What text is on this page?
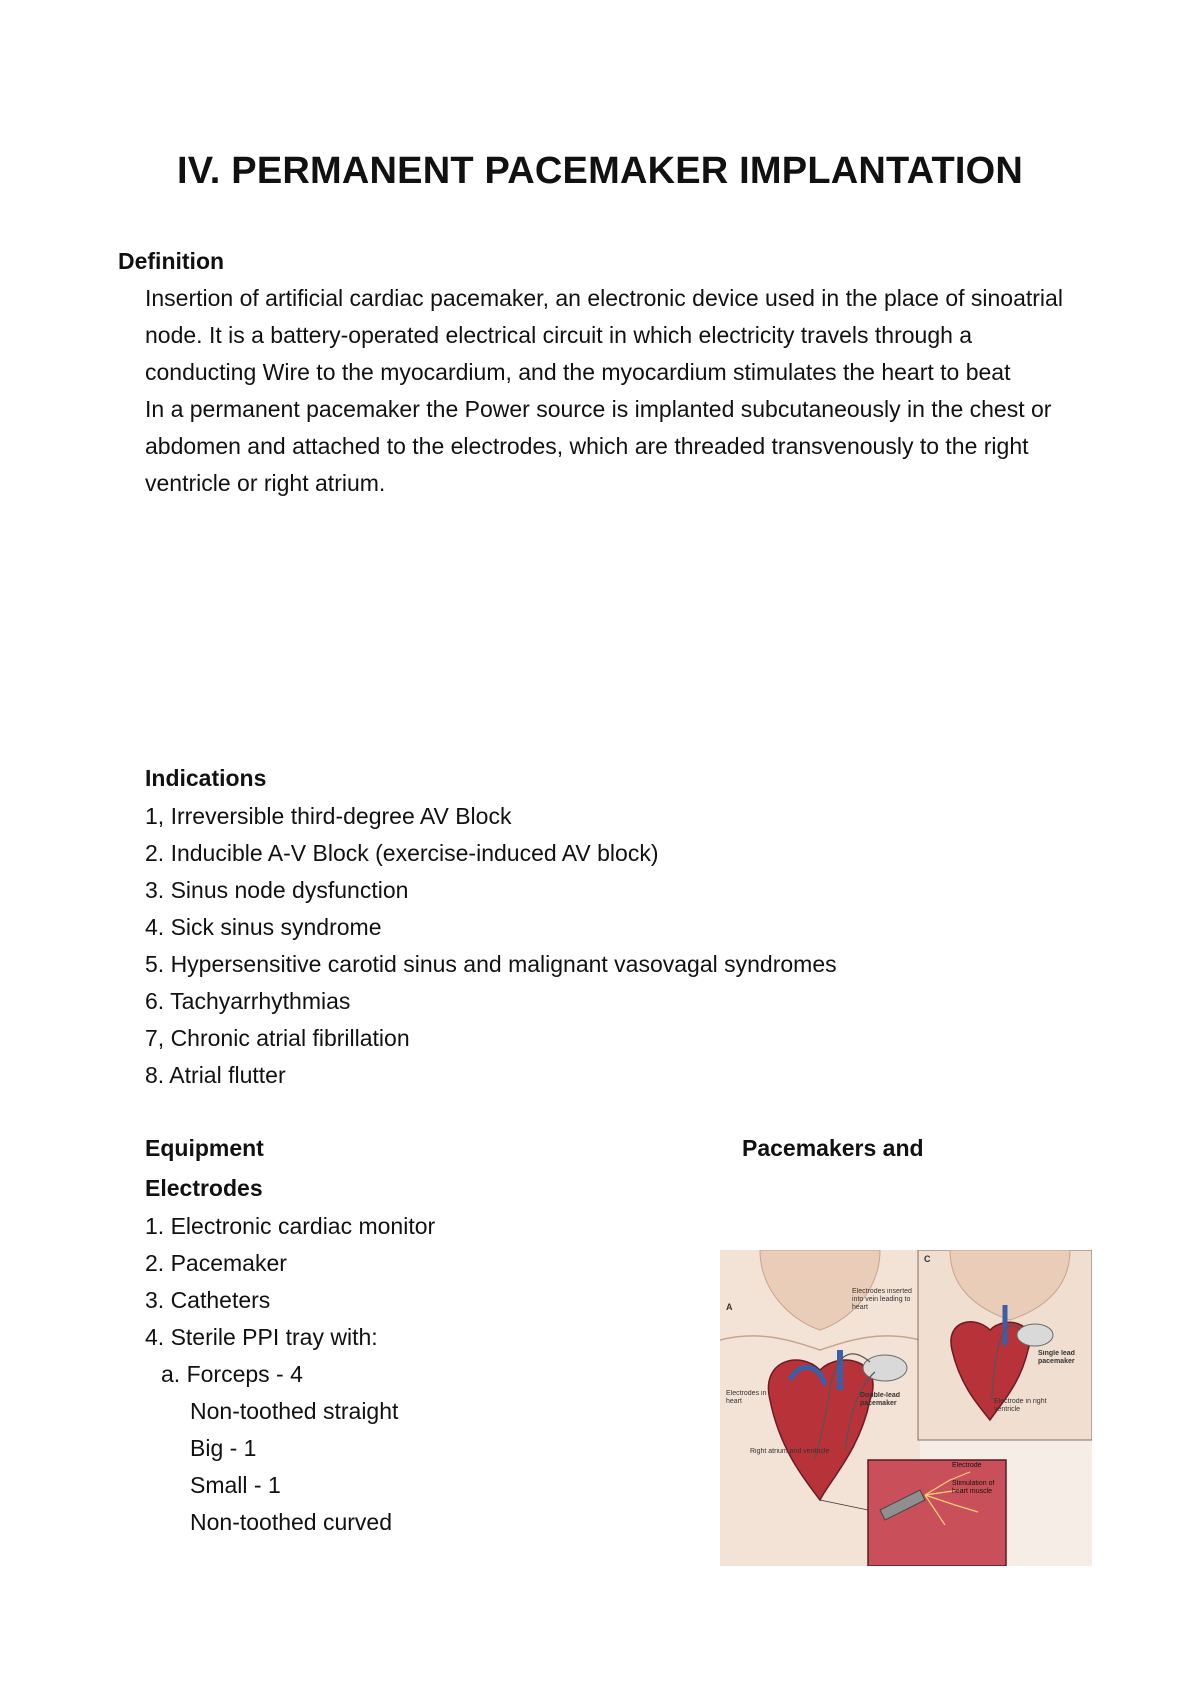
IV. PERMANENT PACEMAKER IMPLANTATION
Definition

Insertion of artificial cardiac pacemaker, an electronic device used in the place of sinoatrial node. It is a battery-operated electrical circuit in which electricity travels through a conducting Wire to the myocardium, and the myocardium stimulates the heart to beat

In a permanent pacemaker the Power source is implanted subcutaneously in the chest or abdomen and attached to the electrodes, which are threaded transvenously to the right ventricle or right atrium.

Indications
1, Irreversible third-degree AV Block
2. Inducible A-V Block (exercise-induced AV block)
3. Sinus node dysfunction
4. Sick sinus syndrome
5. Hypersensitive carotid sinus and malignant vasovagal syndromes
6. Tachyarrhythmias
7, Chronic atrial fibrillation
8. Atrial flutter
Equipment	Pacemakers and
Electrodes
1. Electronic cardiac monitor
2. Pacemaker
3. Catheters
4. Sterile PPI tray with:
a. Forceps - 4
Non-toothed straight
Big - 1
Small - 1
Non-toothed curved
A
C
Electrodes inserted into vein leading to heart
Electrodes in heart
Double-lead pacemaker
Single lead pacemaker
Electrode in right ventricle
Right atrium and ventricle
Electrode
Stimulation of heart muscle
